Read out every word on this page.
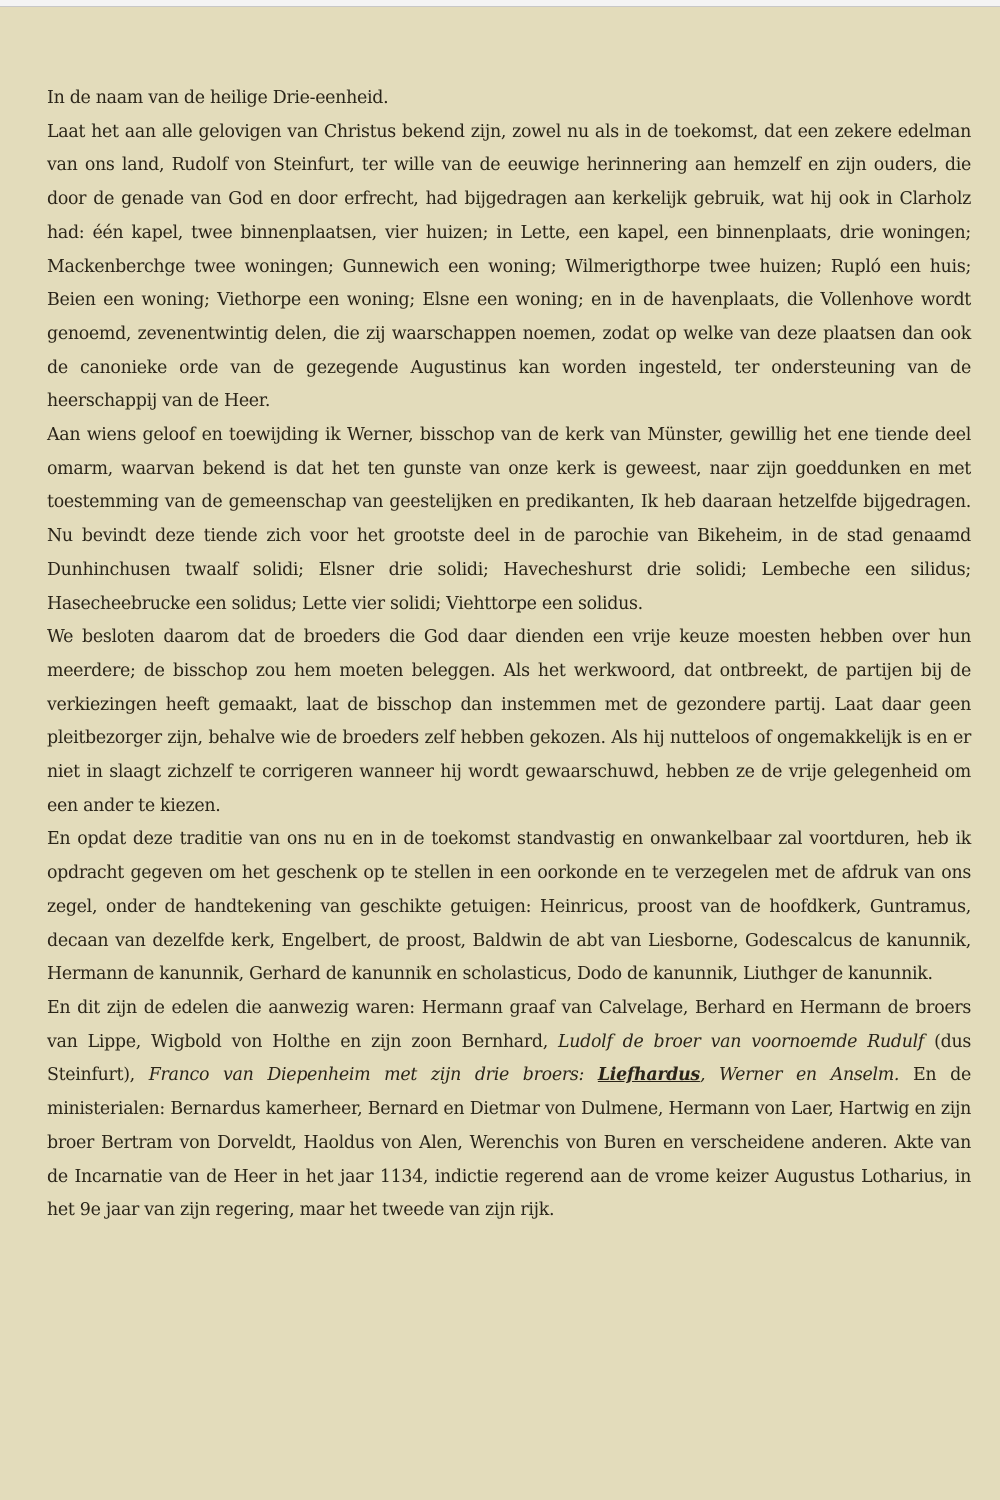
In de naam van de heilige Drie-eenheid.

Laat het aan alle gelovigen van Christus bekend zijn, zowel nu als in de toekomst, dat een zekere edelman van ons land, Rudolf von Steinfurt, ter wille van de eeuwige herinnering aan hemzelf en zijn ouders, die door de genade van God en door erfrecht, had bijgedragen aan kerkelijk gebruik, wat hij ook in Clarholz had: één kapel, twee binnenplaatsen, vier huizen; in Lette, een kapel, een binnenplaats, drie woningen; Mackenberchge twee woningen; Gunnewich een woning; Wilmerigthorpe twee huizen; Rupló een huis; Beien een woning; Viethorpe een woning; Elsne een woning; en in de havenplaats, die Vollenhove wordt genoemd, zevenentwintig delen, die zij waarschappen noemen, zodat op welke van deze plaatsen dan ook de canonieke orde van de gezegende Augustinus kan worden ingesteld, ter ondersteuning van de heerschappij van de Heer.

Aan wiens geloof en toewijding ik Werner, bisschop van de kerk van Münster, gewillig het ene tiende deel omarm, waarvan bekend is dat het ten gunste van onze kerk is geweest, naar zijn goeddunken en met toestemming van de gemeenschap van geestelijken en predikanten, Ik heb daaraan hetzelfde bijgedragen. Nu bevindt deze tiende zich voor het grootste deel in de parochie van Bikeheim, in de stad genaamd Dunhinchusen twaalf solidi; Elsner drie solidi; Havecheshurst drie solidi; Lembeche een silidus; Hasecheebrucke een solidus; Lette vier solidi; Viehttorpe een solidus.

We besloten daarom dat de broeders die God daar dienden een vrije keuze moesten hebben over hun meerdere; de bisschop zou hem moeten beleggen. Als het werkwoord, dat ontbreekt, de partijen bij de verkiezingen heeft gemaakt, laat de bisschop dan instemmen met de gezondere partij. Laat daar geen pleitbezorger zijn, behalve wie de broeders zelf hebben gekozen. Als hij nutteloos of ongemakkelijk is en er niet in slaagt zichzelf te corrigeren wanneer hij wordt gewaarschuwd, hebben ze de vrije gelegenheid om een ander te kiezen.

En opdat deze traditie van ons nu en in de toekomst standvastig en onwankelbaar zal voortduren, heb ik opdracht gegeven om het geschenk op te stellen in een oorkonde en te verzegelen met de afdruk van ons zegel, onder de handtekening van geschikte getuigen: Heinricus, proost van de hoofdkerk, Guntramus, decaan van dezelfde kerk, Engelbert, de proost, Baldwin de abt van Liesborne, Godescalcus de kanunnik, Hermann de kanunnik, Gerhard de kanunnik en scholasticus, Dodo de kanunnik, Liuthger de kanunnik.

En dit zijn de edelen die aanwezig waren: Hermann graaf van Calvelage, Berhard en Hermann de broers van Lippe, Wigbold von Holthe en zijn zoon Bernhard, Ludolf de broer van voornoemde Rudulf (dus Steinfurt), Franco van Diepenheim met zijn drie broers: Liefhardus, Werner en Anselm. En de ministerialen: Bernardus kamerheer, Bernard en Dietmar von Dulmene, Hermann von Laer, Hartwig en zijn broer Bertram von Dorveldt, Haoldus von Alen, Werenchis von Buren en verscheidene anderen. Akte van de Incarnatie van de Heer in het jaar 1134, indictie regerend aan de vrome keizer Augustus Lotharius, in het 9e jaar van zijn regering, maar het tweede van zijn rijk.
